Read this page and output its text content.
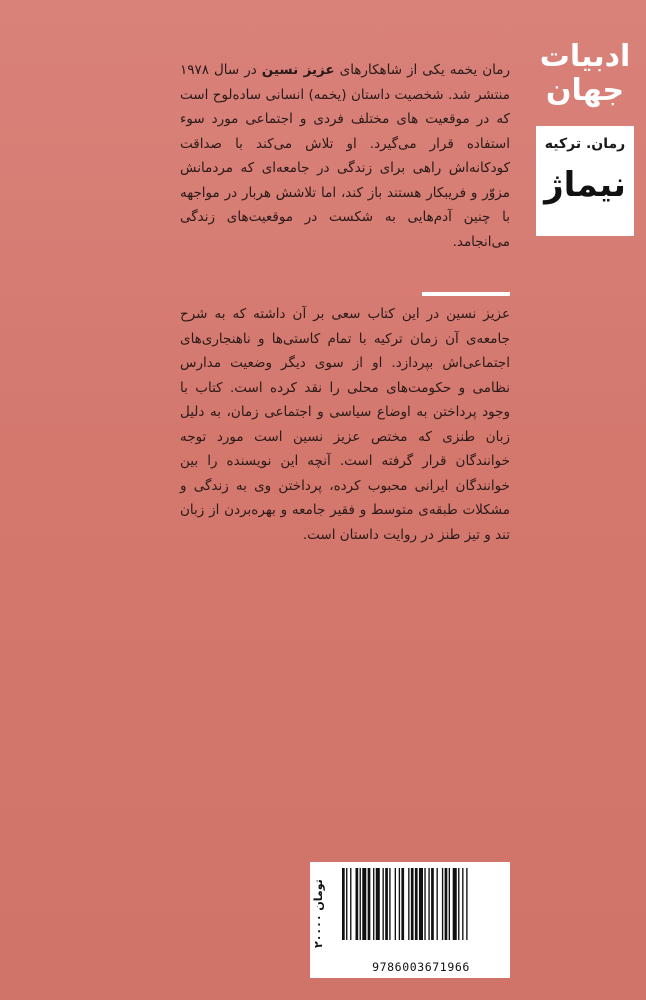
ادبیات
جهان
رمان. ترکیه
نیماژ
رمان یخمه یکی از شاهکارهای عزیز نسین در سال ۱۹۷۸ منتشر شد. شخصیت داستان (یخمه) انسانی ساده‌لوح است که در موقعیت های مختلف فردی و اجتماعی مورد سوء استفاده قرار می‌گیرد. او تلاش می‌کند با صداقت کودکانه‌اش راهی برای زندگی در جامعه‌ای که مردمانش مزوّر و فریبکار هستند باز کند، اما تلاشش هربار در مواجهه با چنین آدم‌هایی به شکست در موقعیت‌های زندگی می‌انجامد.
عزیز نسین در این کتاب سعی بر آن داشته که به شرح جامعه‌ی آن زمان ترکیه با تمام کاستی‌ها و ناهنجاری‌های اجتماعی‌اش بپردازد. او از سوی دیگر وضعیت مدارس نظامی و حکومت‌های محلی را نقد کرده است. کتاب با وجود پرداختن به اوضاع سیاسی و اجتماعی زمان، به دلیل زبان طنزی که مختص عزیز نسین است مورد توجه خوانندگان قرار گرفته است. آنچه این نویسنده را بین خوانندگان ایرانی محبوب کرده، پرداختن وی به زندگی و مشکلات طبقه‌ی متوسط و فقیر جامعه و بهره‌بردن از زبان تند و تیز طنز در روایت داستان است.
۲۰۰۰۰ تومان
9786003671966
